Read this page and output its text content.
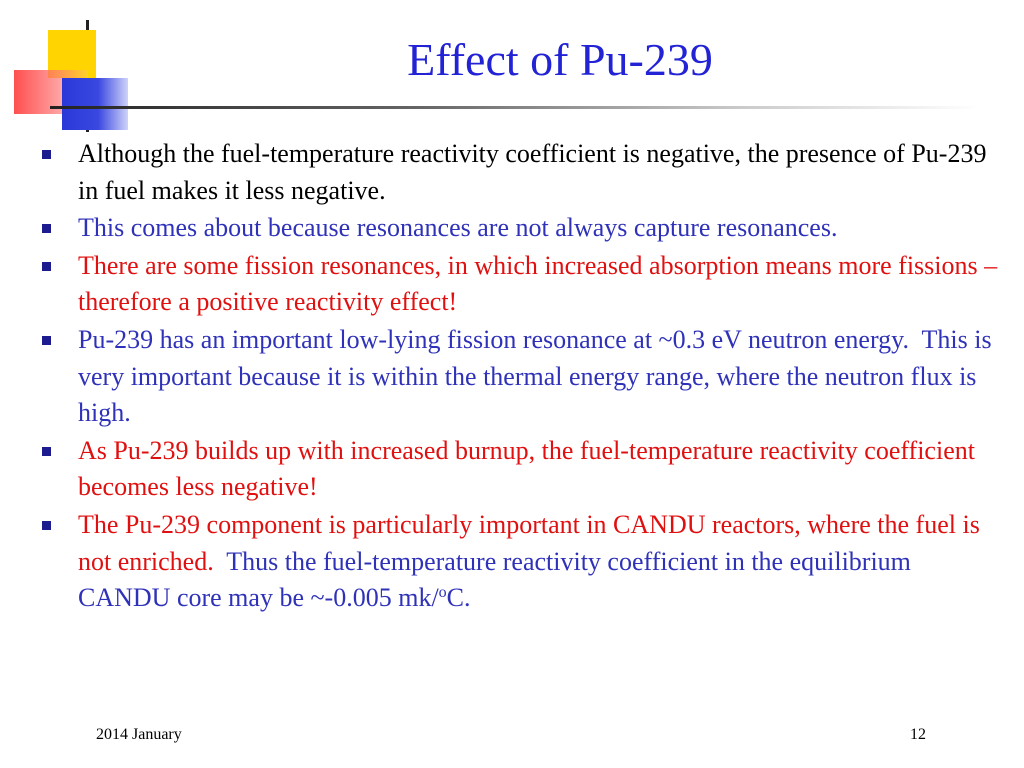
Effect of Pu-239
Although the fuel-temperature reactivity coefficient is negative, the presence of Pu-239 in fuel makes it less negative.
This comes about because resonances are not always capture resonances.
There are some fission resonances, in which increased absorption means more fissions – therefore a positive reactivity effect!
Pu-239 has an important low-lying fission resonance at ~0.3 eV neutron energy.  This is very important because it is within the thermal energy range, where the neutron flux is high.
As Pu-239 builds up with increased burnup, the fuel-temperature reactivity coefficient becomes less negative!
The Pu-239 component is particularly important in CANDU reactors, where the fuel is not enriched.  Thus the fuel-temperature reactivity coefficient in the equilibrium CANDU core may be ~-0.005 mk/$^o$C.
2014 January	12
